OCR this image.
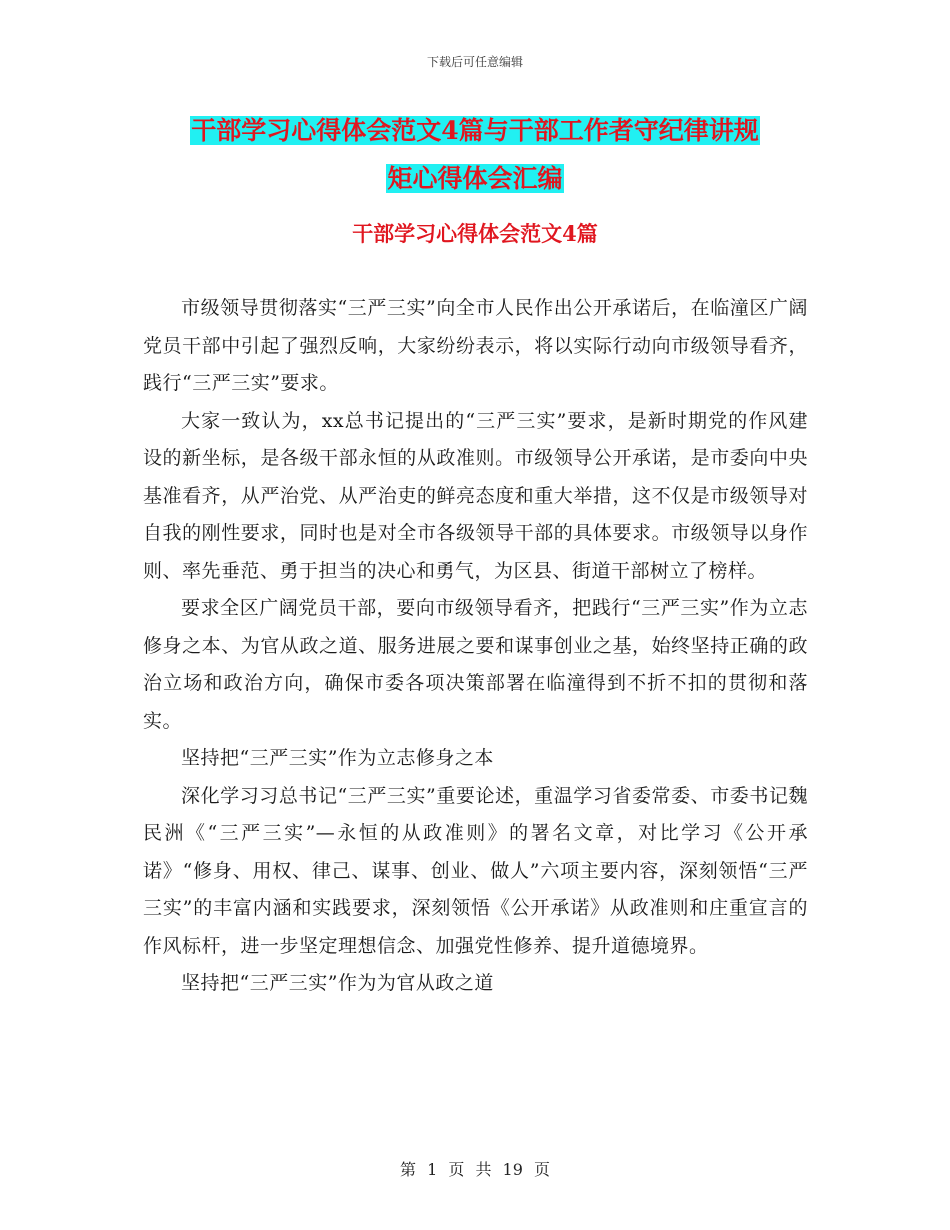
下载后可任意编辑
干部学习心得体会范文4篇与干部工作者守纪律讲规
矩心得体会汇编
干部学习心得体会范文4篇

市级领导贯彻落实“三严三实”向全市人民作出公开承诺后，在临潼区广阔党员干部中引起了强烈反响，大家纷纷表示，将以实际行动向市级领导看齐，践行“三严三实”要求。

大家一致认为，xx总书记提出的“三严三实”要求，是新时期党的作风建设的新坐标，是各级干部永恒的从政准则。市级领导公开承诺，是市委向中央基准看齐，从严治党、从严治吏的鲜亮态度和重大举措，这不仅是市级领导对自我的刚性要求，同时也是对全市各级领导干部的具体要求。市级领导以身作则、率先垂范、勇于担当的决心和勇气，为区县、街道干部树立了榜样。

要求全区广阔党员干部，要向市级领导看齐，把践行“三严三实”作为立志修身之本、为官从政之道、服务进展之要和谋事创业之基，始终坚持正确的政治立场和政治方向，确保市委各项决策部署在临潼得到不折不扣的贯彻和落实。

坚持把“三严三实”作为立志修身之本

深化学习习总书记“三严三实”重要论述，重温学习省委常委、市委书记魏民洲《“三严三实”—永恒的从政准则》的署名文章，对比学习《公开承诺》“修身、用权、律己、谋事、创业、做人”六项主要内容，深刻领悟“三严三实”的丰富内涵和实践要求，深刻领悟《公开承诺》从政准则和庄重宣言的作风标杆，进一步坚定理想信念、加强党性修养、提升道德境界。

坚持把“三严三实”作为为官从政之道

第 1 页 共 19 页
